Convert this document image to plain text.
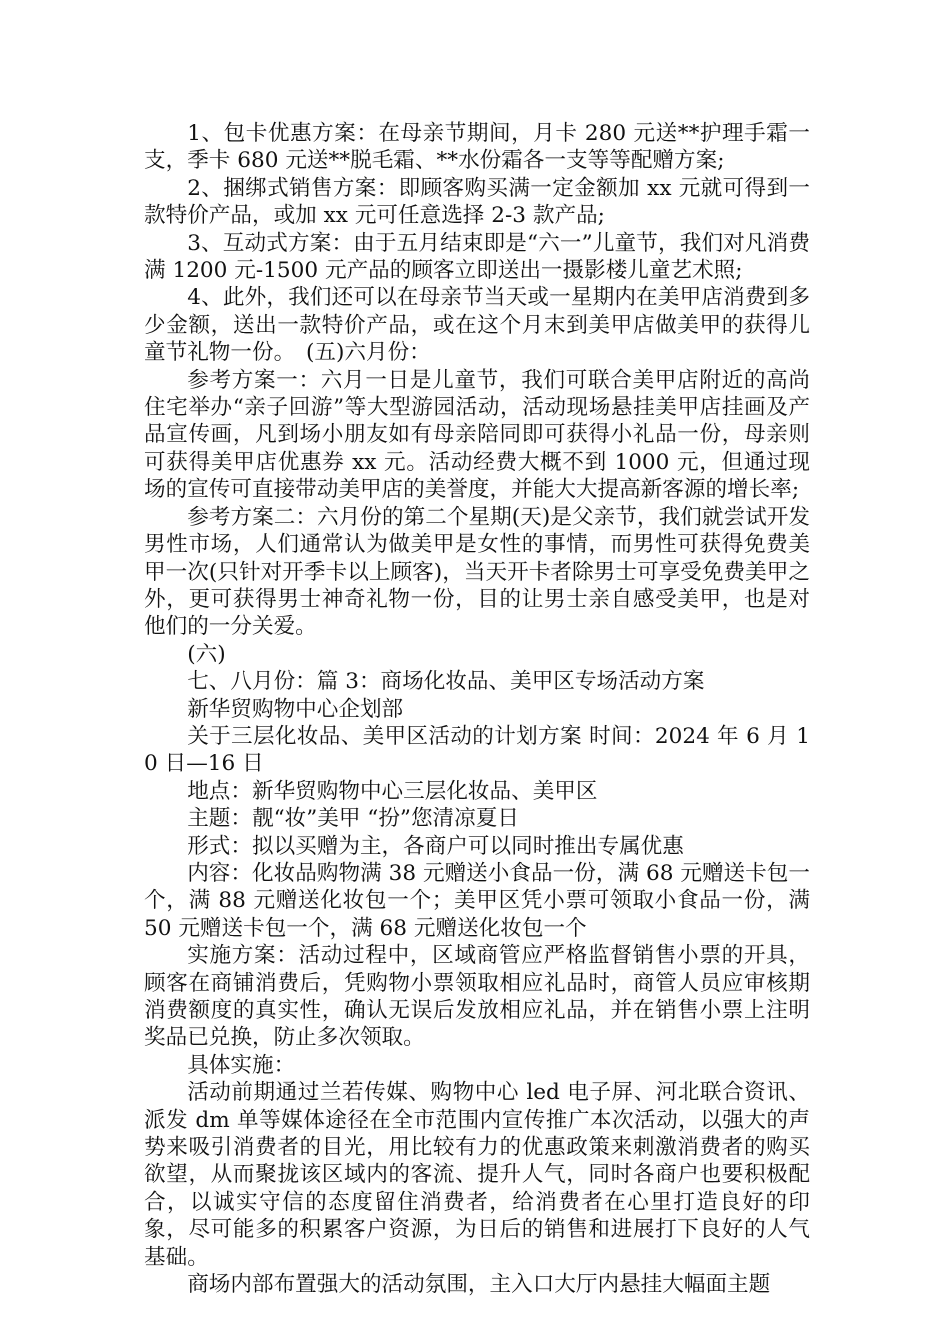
1、包卡优惠方案：在母亲节期间，月卡 280 元送**护理手霜一支，季卡 680 元送**脱毛霜、**水份霜各一支等等配赠方案;

2、捆绑式销售方案：即顾客购买满一定金额加 xx 元就可得到一款特价产品，或加 xx 元可任意选择 2-3 款产品;

3、互动式方案：由于五月结束即是“六一”儿童节，我们对凡消费满 1200 元-1500 元产品的顾客立即送出一摄影楼儿童艺术照;

4、此外，我们还可以在母亲节当天或一星期内在美甲店消费到多少金额，送出一款特价产品，或在这个月末到美甲店做美甲的获得儿童节礼物一份。　(五)六月份：

参考方案一：六月一日是儿童节，我们可联合美甲店附近的高尚住宅举办“亲子回游”等大型游园活动，活动现场悬挂美甲店挂画及产品宣传画，凡到场小朋友如有母亲陪同即可获得小礼品一份，母亲则可获得美甲店优惠券 xx 元。活动经费大概不到 1000 元，但通过现场的宣传可直接带动美甲店的美誉度，并能大大提高新客源的增长率;

参考方案二：六月份的第二个星期(天)是父亲节，我们就尝试开发男性市场，人们通常认为做美甲是女性的事情，而男性可获得免费美甲一次(只针对开季卡以上顾客)，当天开卡者除男士可享受免费美甲之外，更可获得男士神奇礼物一份，目的让男士亲自感受美甲，也是对他们的一分关爱。

(六)

七、八月份：篇 3：商场化妆品、美甲区专场活动方案

新华贸购物中心企划部

关于三层化妆品、美甲区活动的计划方案 时间：2024 年 6 月 10 日—16 日

地点：新华贸购物中心三层化妆品、美甲区

主题：靓“妆”美甲 “扮”您清凉夏日

形式：拟以买赠为主，各商户可以同时推出专属优惠

内容：化妆品购物满 38 元赠送小食品一份，满 68 元赠送卡包一个，满 88 元赠送化妆包一个；美甲区凭小票可领取小食品一份，满 50 元赠送卡包一个，满 68 元赠送化妆包一个

实施方案：活动过程中，区域商管应严格监督销售小票的开具，顾客在商铺消费后，凭购物小票领取相应礼品时，商管人员应审核期消费额度的真实性，确认无误后发放相应礼品，并在销售小票上注明奖品已兑换，防止多次领取。

具体实施：

活动前期通过兰若传媒、购物中心 led 电子屏、河北联合资讯、派发 dm 单等媒体途径在全市范围内宣传推广本次活动，以强大的声势来吸引消费者的目光，用比较有力的优惠政策来刺激消费者的购买欲望，从而聚拢该区域内的客流、提升人气，同时各商户也要积极配合，以诚实守信的态度留住消费者，给消费者在心里打造良好的印象，尽可能多的积累客户资源，为日后的销售和进展打下良好的人气基础。

商场内部布置强大的活动氛围，主入口大厅内悬挂大幅面主题
